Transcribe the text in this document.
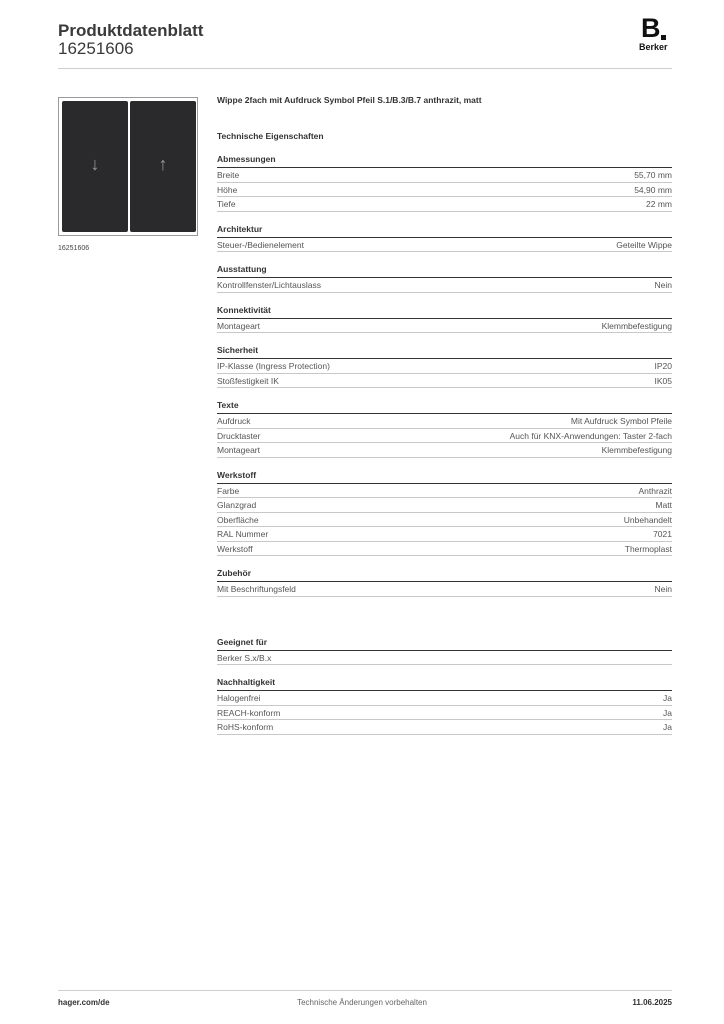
Produktdatenblatt
16251606
B
Berker
↓	↑
16251606
Wippe 2fach mit Aufdruck Symbol Pfeil S.1/B.3/B.7 anthrazit, matt
Technische Eigenschaften
Abmessungen
Breite	55,70 mm
Höhe	54,90 mm
Tiefe	22 mm
Architektur
Steuer-/Bedienelement	Geteilte Wippe
Ausstattung
Kontrollfenster/Lichtauslass	Nein
Konnektivität
Montageart	Klemmbefestigung
Sicherheit
IP-Klasse (Ingress Protection)	IP20
Stoßfestigkeit IK	IK05
Texte
Aufdruck	Mit Aufdruck Symbol Pfeile
Drucktaster	Auch für KNX-Anwendungen: Taster 2-fach
Montageart	Klemmbefestigung
Werkstoff
Farbe	Anthrazit
Glanzgrad	Matt
Oberfläche	Unbehandelt
RAL Nummer	7021
Werkstoff	Thermoplast
Zubehör
Mit Beschriftungsfeld	Nein
Geeignet für
Berker S.x/B.x
Nachhaltigkeit
Halogenfrei	Ja
REACH-konform	Ja
RoHS-konform	Ja
hager.com/de	Technische Änderungen vorbehalten	11.06.2025
